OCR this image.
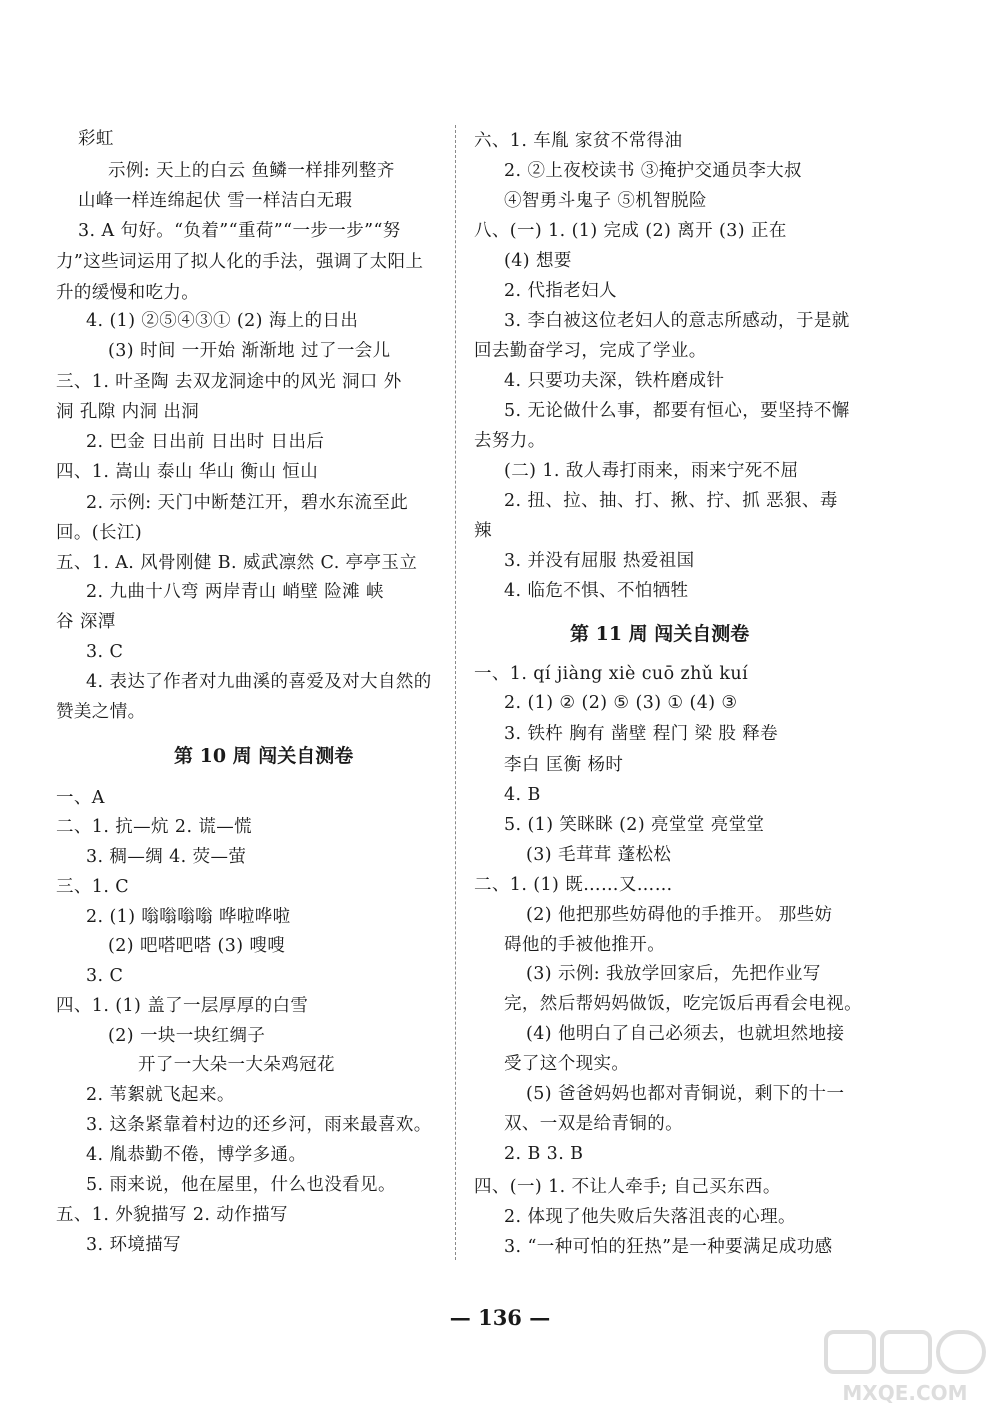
第 10 周 闯关自测卷
彩虹
示例: 天上的白云 鱼鳞一样排列整齐
山峰一样连绵起伏 雪一样洁白无瑕
3. A 句好。“负着”“重荷”“一步一步”“努
力”这些词运用了拟人化的手法，强调了太阳上
升的缓慢和吃力。
4. (1) ②⑤④③① (2) 海上的日出
(3) 时间 一开始 渐渐地 过了一会儿
三、1. 叶圣陶 去双龙洞途中的风光 洞口 外
洞 孔隙 内洞 出洞
2. 巴金 日出前 日出时 日出后
四、1. 嵩山 泰山 华山 衡山 恒山
2. 示例: 天门中断楚江开，碧水东流至此
回。(长江)
五、1. A. 风骨刚健 B. 威武凛然 C. 亭亭玉立
2. 九曲十八弯 两岸青山 峭壁 险滩 峡
谷 深潭
3. C
4. 表达了作者对九曲溪的喜爱及对大自然的
赞美之情。
一、A
二、1. 抗—炕 2. 谎—慌
3. 稠—绸 4. 荧—萤
三、1. C
2. (1) 嗡嗡嗡嗡 哗啦哗啦
(2) 吧嗒吧嗒 (3) 嗖嗖
3. C
四、1. (1) 盖了一层厚厚的白雪
(2) 一块一块红绸子
开了一大朵一大朵鸡冠花
2. 苇絮就飞起来。
3. 这条紧靠着村边的还乡河，雨来最喜欢。
4. 胤恭勤不倦，博学多通。
5. 雨来说，他在屋里，什么也没看见。
五、1. 外貌描写 2. 动作描写
3. 环境描写
第 11 周 闯关自测卷
六、1. 车胤 家贫不常得油
2. ②上夜校读书 ③掩护交通员李大叔
④智勇斗鬼子 ⑤机智脱险
八、(一) 1. (1) 完成 (2) 离开 (3) 正在
(4) 想要
2. 代指老妇人
3. 李白被这位老妇人的意志所感动，于是就
回去勤奋学习，完成了学业。
4. 只要功夫深，铁杵磨成针
5. 无论做什么事，都要有恒心，要坚持不懈
去努力。
(二) 1. 敌人毒打雨来，雨来宁死不屈
2. 扭、拉、抽、打、揪、拧、抓 恶狠、毒
辣
3. 并没有屈服 热爱祖国
4. 临危不惧、不怕牺牲
一、1. qí jiàng xiè cuō zhǔ kuí
2. (1) ② (2) ⑤ (3) ① (4) ③
3. 铁杵 胸有 凿壁 程门 梁 股 释卷
李白 匡衡 杨时
4. B
5. (1) 笑眯眯 (2) 亮堂堂 亮堂堂
(3) 毛茸茸 蓬松松
二、1. (1) 既……又……
(2) 他把那些妨碍他的手推开。 那些妨
碍他的手被他推开。
(3) 示例: 我放学回家后，先把作业写
完，然后帮妈妈做饭，吃完饭后再看会电视。
(4) 他明白了自己必须去，也就坦然地接
受了这个现实。
(5) 爸爸妈妈也都对青铜说，剩下的十一
双、一双是给青铜的。
2. B 3. B
四、(一) 1. 不让人牵手; 自己买东西。
2. 体现了他失败后失落沮丧的心理。
3. “一种可怕的狂热”是一种要满足成功感
— 136 —
MXQE.COM
